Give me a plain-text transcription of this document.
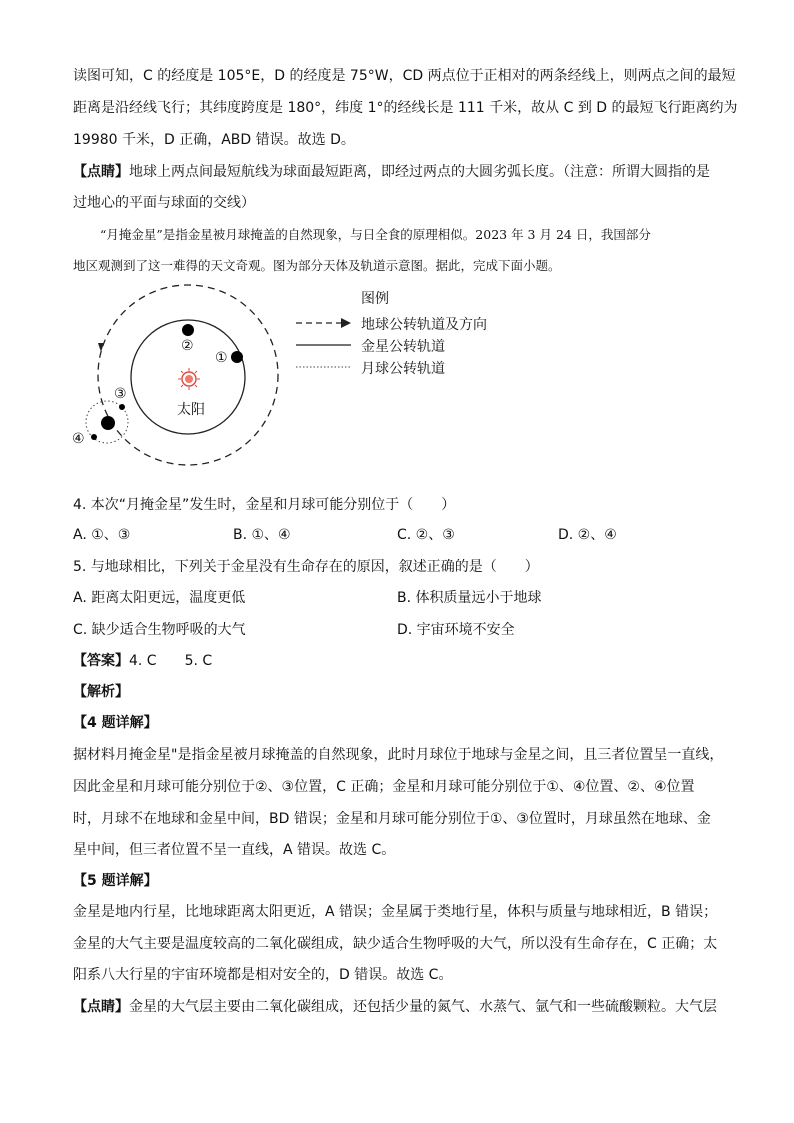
读图可知，C 的经度是 105°E，D 的经度是 75°W，CD 两点位于正相对的两条经线上，则两点之间的最短
距离是沿经线飞行；其纬度跨度是 180°，纬度 1°的经线长是 111 千米，故从 C 到 D 的最短飞行距离约为
19980 千米，D 正确，ABD 错误。故选 D。
【点睛】地球上两点间最短航线为球面最短距离，即经过两点的大圆劣弧长度。（注意：所谓大圆指的是
过地心的平面与球面的交线）
“月掩金星”是指金星被月球掩盖的自然现象，与日全食的原理相似。2023 年 3 月 24 日，我国部分
地区观测到了这一难得的天文奇观。图为部分天体及轨道示意图。据此，完成下面小题。
②
①
③
④
太阳
图例
地球公转轨道及方向
金星公转轨道
月球公转轨道
4. 本次“月掩金星”发生时，金星和月球可能分别位于（　　）
A. ①、③	B. ①、④	C. ②、③	D. ②、④
5. 与地球相比，下列关于金星没有生命存在的原因，叙述正确的是（　　）
A. 距离太阳更远，温度更低	B. 体积质量远小于地球
C. 缺少适合生物呼吸的大气	D. 宇宙环境不安全
【答案】4. C　　5. C
【解析】
【4 题详解】
据材料月掩金星"是指金星被月球掩盖的自然现象，此时月球位于地球与金星之间，且三者位置呈一直线，
因此金星和月球可能分别位于②、③位置，C 正确；金星和月球可能分别位于①、④位置、②、④位置
时，月球不在地球和金星中间，BD 错误；金星和月球可能分别位于①、③位置时，月球虽然在地球、金
星中间，但三者位置不呈一直线，A 错误。故选 C。
【5 题详解】
金星是地内行星，比地球距离太阳更近，A 错误；金星属于类地行星，体积与质量与地球相近，B 错误；
金星的大气主要是温度较高的二氧化碳组成，缺少适合生物呼吸的大气，所以没有生命存在，C 正确；太
阳系八大行星的宇宙环境都是相对安全的，D 错误。故选 C。
【点睛】金星的大气层主要由二氧化碳组成，还包括少量的氮气、水蒸气、氩气和一些硫酸颗粒。大气层
